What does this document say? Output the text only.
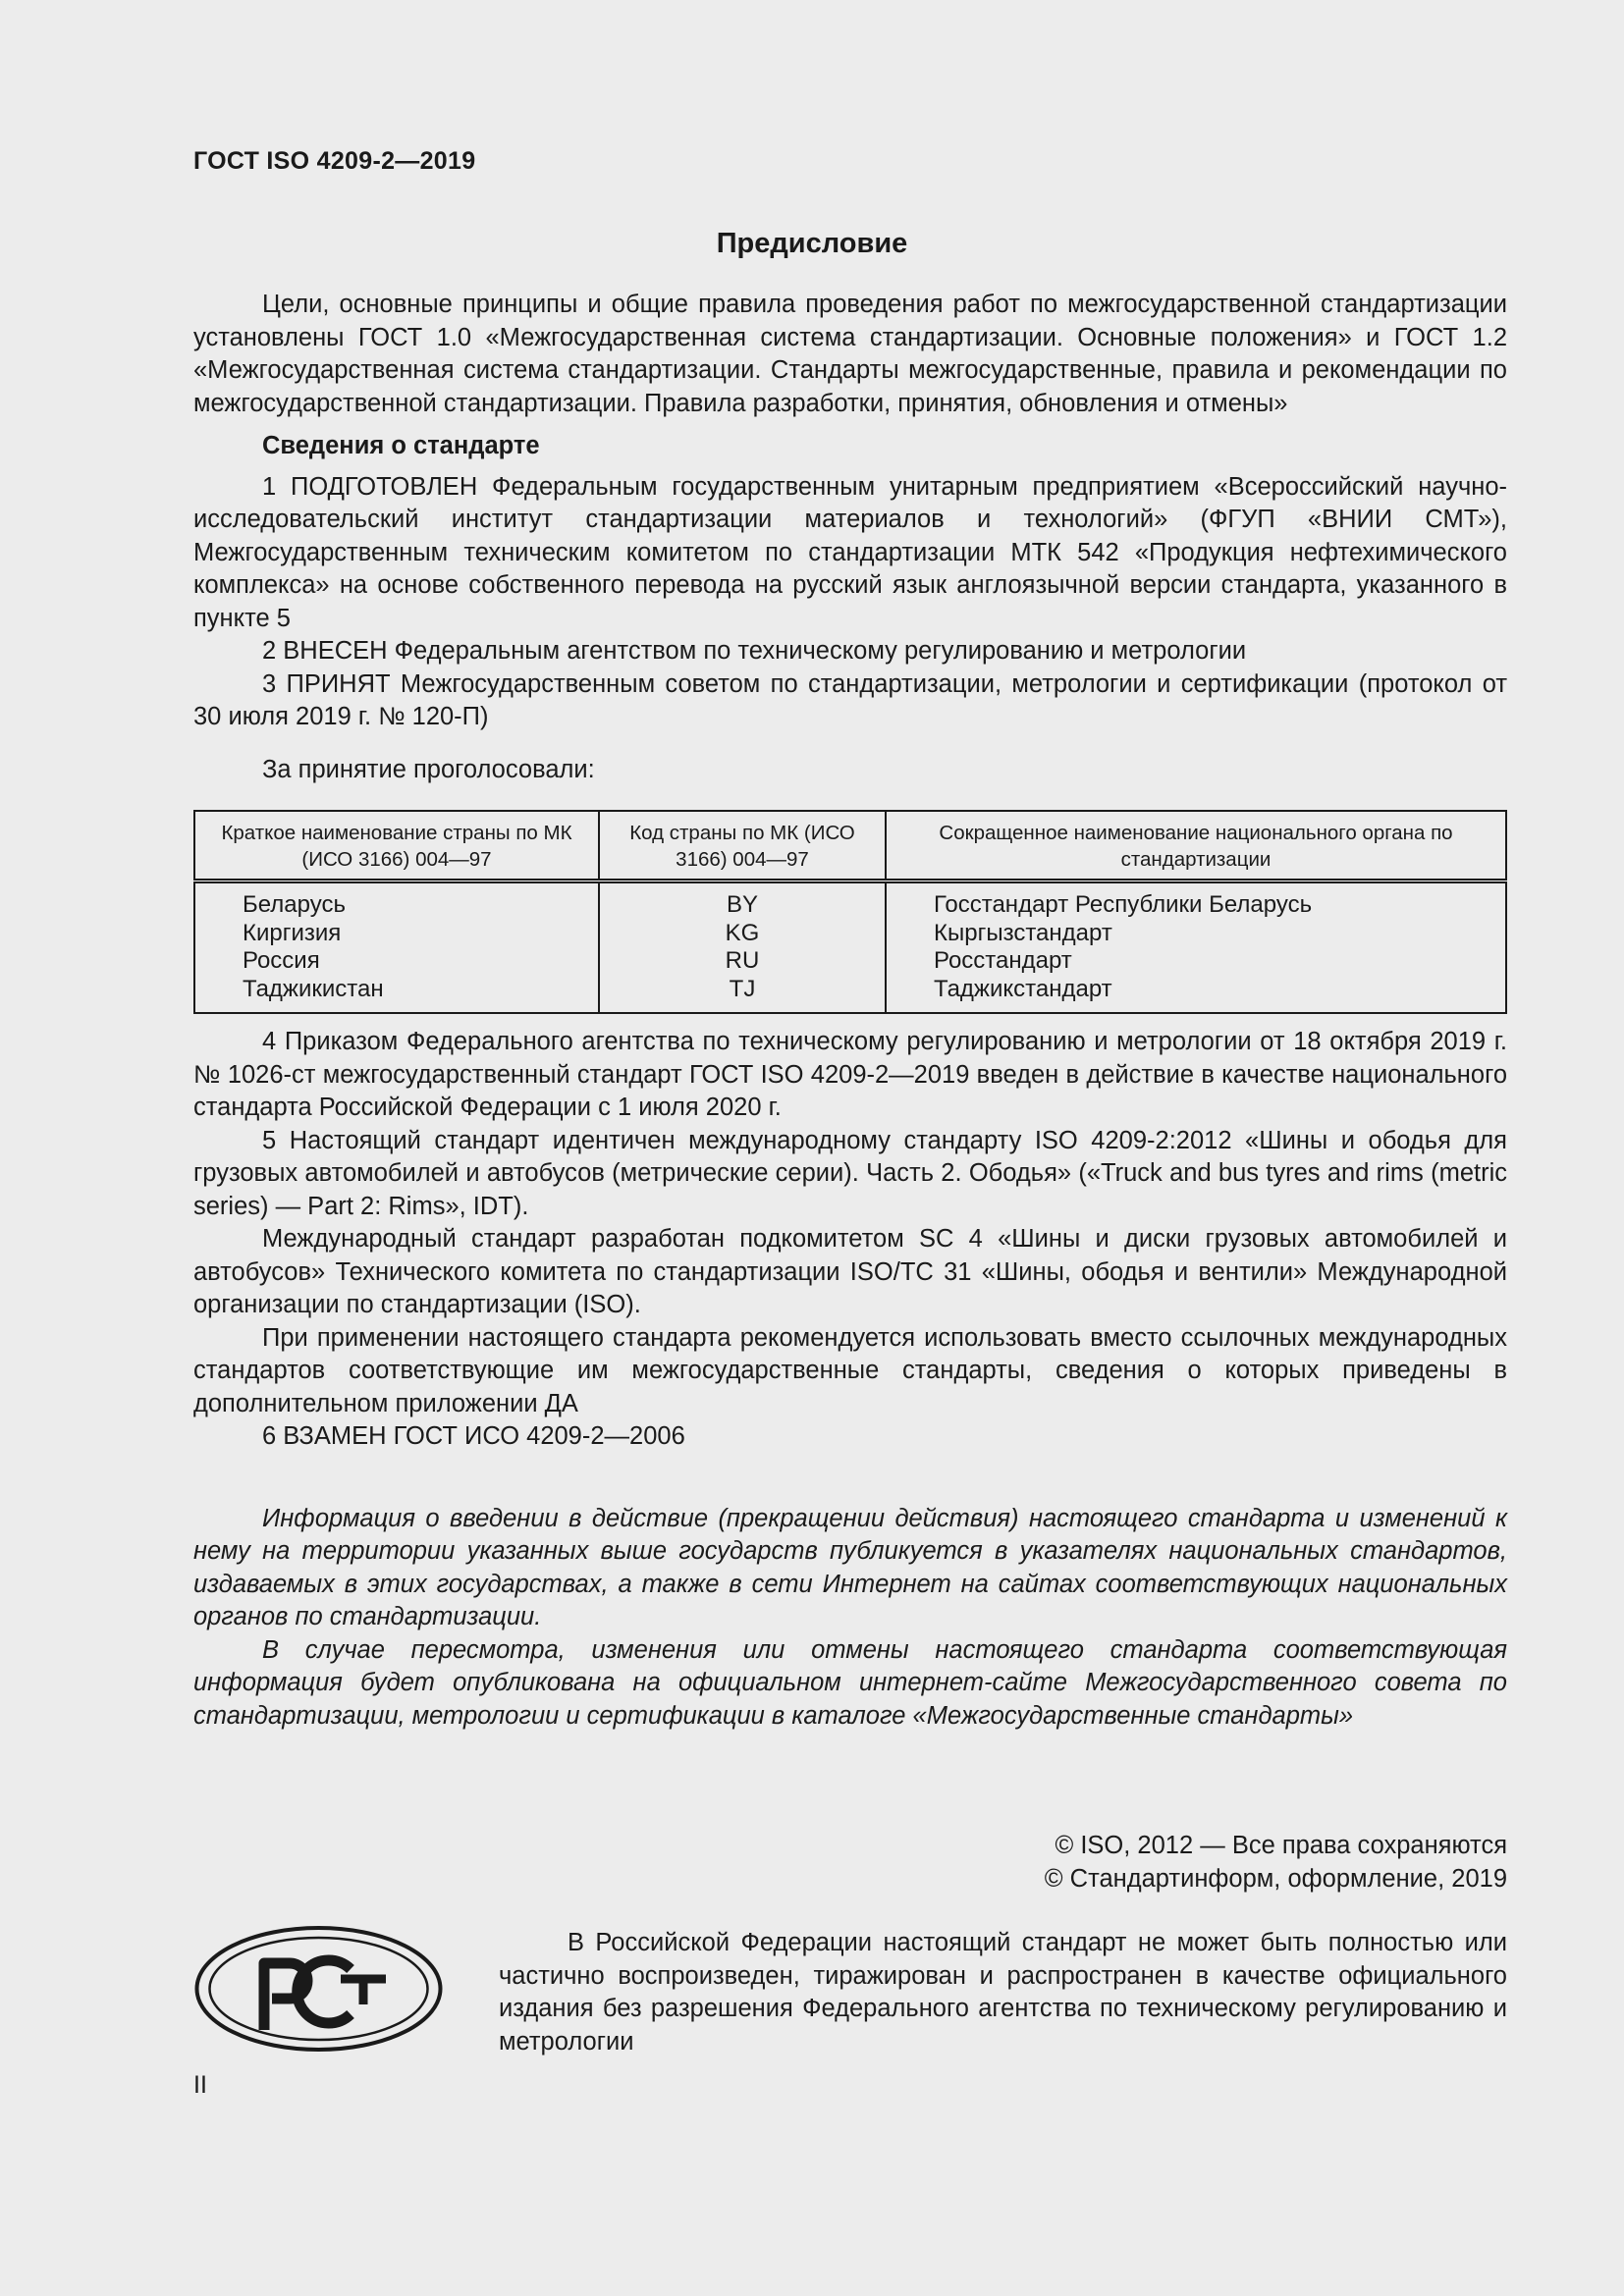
ГОСТ ISO 4209-2—2019
Предисловие

Цели, основные принципы и общие правила проведения работ по межгосударственной стандартизации установлены ГОСТ 1.0 «Межгосударственная система стандартизации. Основные положения» и ГОСТ 1.2 «Межгосударственная система стандартизации. Стандарты межгосударственные, правила и рекомендации по межгосударственной стандартизации. Правила разработки, принятия, обновления и отмены»

Сведения о стандарте

1 ПОДГОТОВЛЕН Федеральным государственным унитарным предприятием «Всероссийский научно-исследовательский институт стандартизации материалов и технологий» (ФГУП «ВНИИ СМТ»), Межгосударственным техническим комитетом по стандартизации МТК 542 «Продукция нефтехимического комплекса» на основе собственного перевода на русский язык англоязычной версии стандарта, указанного в пункте 5

2 ВНЕСЕН Федеральным агентством по техническому регулированию и метрологии

3 ПРИНЯТ Межгосударственным советом по стандартизации, метрологии и сертификации (протокол от 30 июля 2019 г. № 120-П)

За принятие проголосовали:

Краткое наименование страны по МК (ИСО 3166) 004—97	Код страны по МК (ИСО 3166) 004—97	Сокращенное наименование национального органа по стандартизации
Беларусь	BY	Госстандарт Республики Беларусь
Киргизия	KG	Кыргызстандарт
Россия	RU	Росстандарт
Таджикистан	TJ	Таджикстандарт

4 Приказом Федерального агентства по техническому регулированию и метрологии от 18 октября 2019 г. № 1026-ст межгосударственный стандарт ГОСТ ISO 4209-2—2019 введен в действие в качестве национального стандарта Российской Федерации с 1 июля 2020 г.

5 Настоящий стандарт идентичен международному стандарту ISO 4209-2:2012 «Шины и ободья для грузовых автомобилей и автобусов (метрические серии). Часть 2. Ободья» («Truck and bus tyres and rims (metric series) — Part 2: Rims», IDT).

Международный стандарт разработан подкомитетом SC 4 «Шины и диски грузовых автомобилей и автобусов» Технического комитета по стандартизации ISO/TC 31 «Шины, ободья и вентили» Международной организации по стандартизации (ISO).

При применении настоящего стандарта рекомендуется использовать вместо ссылочных международных стандартов соответствующие им межгосударственные стандарты, сведения о которых приведены в дополнительном приложении ДА

6 ВЗАМЕН ГОСТ ИСО 4209-2—2006

Информация о введении в действие (прекращении действия) настоящего стандарта и изменений к нему на территории указанных выше государств публикуется в указателях национальных стандартов, издаваемых в этих государствах, а также в сети Интернет на сайтах соответствующих национальных органов по стандартизации.

В случае пересмотра, изменения или отмены настоящего стандарта соответствующая информация будет опубликована на официальном интернет-сайте Межгосударственного совета по стандартизации, метрологии и сертификации в каталоге «Межгосударственные стандарты»

© ISO, 2012 — Все права сохраняются
© Стандартинформ, оформление, 2019

В Российской Федерации настоящий стандарт не может быть полностью или частично воспроизведен, тиражирован и распространен в качестве официального издания без разрешения Федерального агентства по техническому регулированию и метрологии

II
